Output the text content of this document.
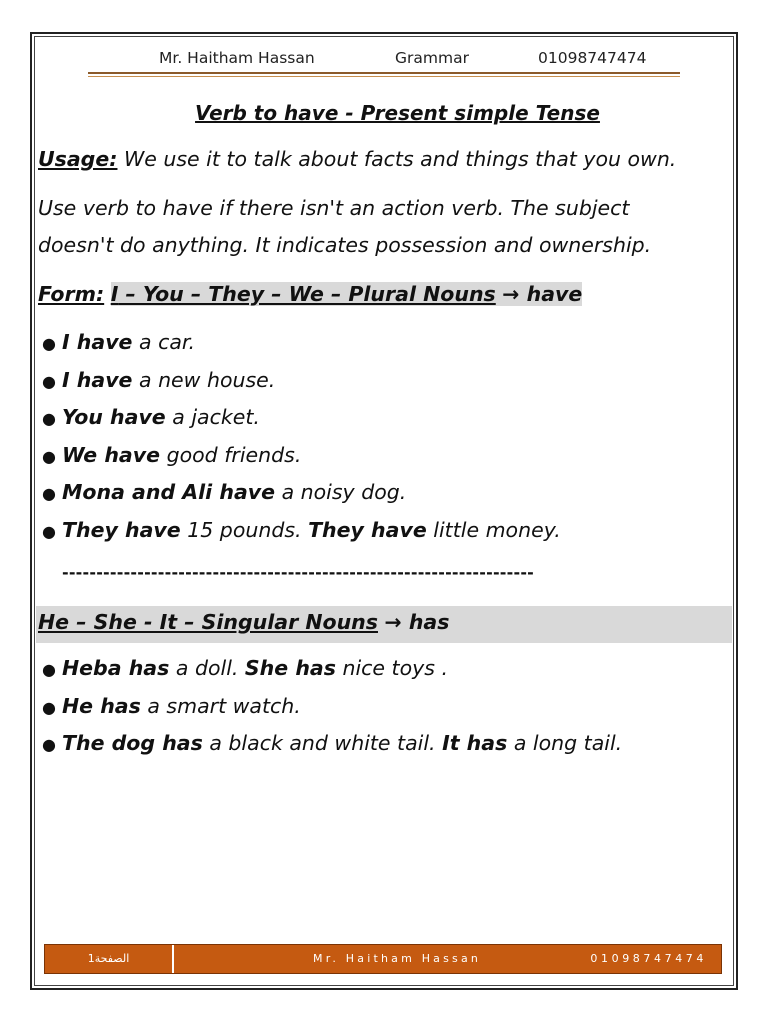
Mr. Haitham Hassan	Grammar	01098747474
Verb to have - Present simple Tense
Usage: We use it to talk about facts and things that you own.
Use verb to have if there isn't an action verb. The subject
doesn't do anything. It indicates possession and ownership.
Form: I – You – They – We – Plural Nouns → have
● I have a car.
● I have a new house.
● You have a jacket.
● We have good friends.
● Mona and Ali have a noisy dog.
● They have 15 pounds. They have little money.
---------------------------------------------------------------------
He – She - It – Singular Nouns → has
● Heba has a doll. She has nice toys .
● He has a smart watch.
● The dog has a black and white tail. It has a long tail.
1الصفحة	Mr. Haitham Hassan	01098747474
